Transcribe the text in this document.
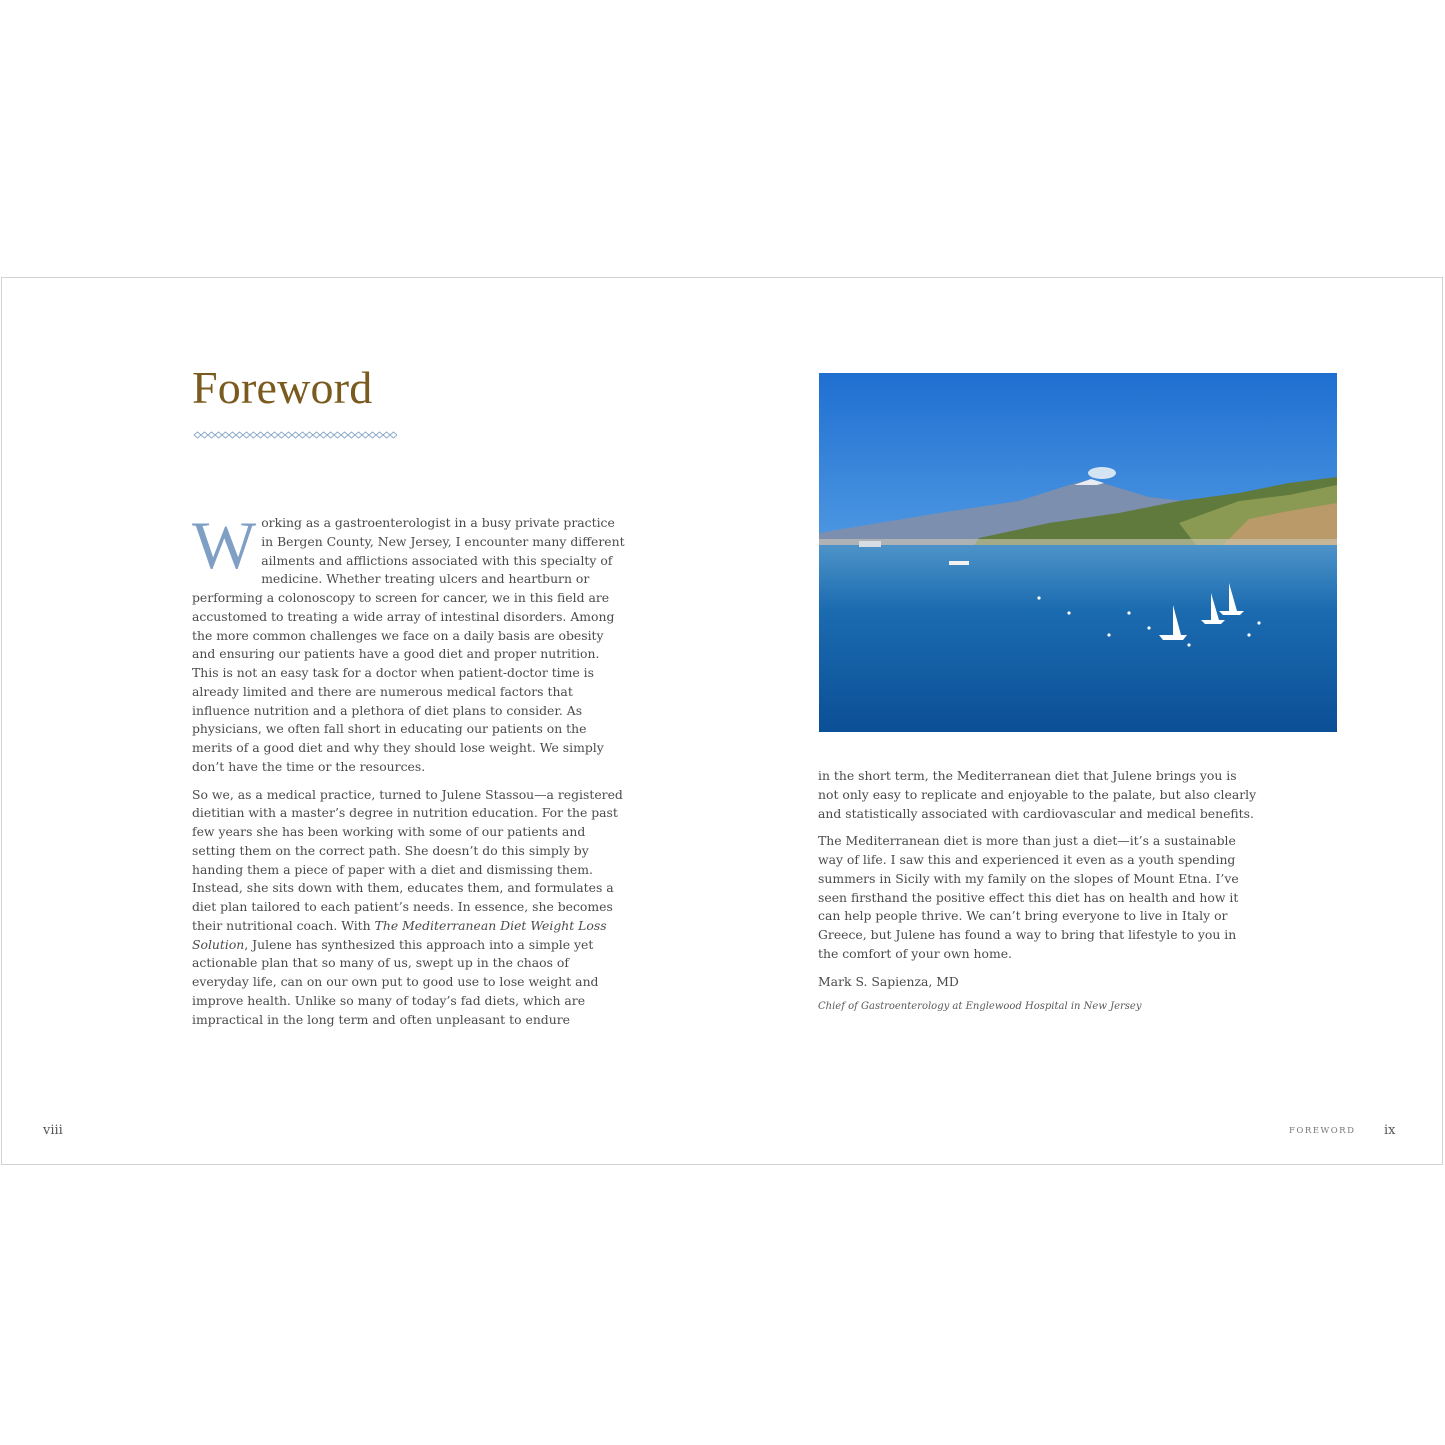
Foreword

Working as a gastroenterologist in a busy private practice in Bergen County, New Jersey, I encounter many different ailments and afflictions associated with this specialty of medicine. Whether treating ulcers and heartburn or performing a colonoscopy to screen for cancer, we in this field are accustomed to treating a wide array of intestinal disorders. Among the more common challenges we face on a daily basis are obesity and ensuring our patients have a good diet and proper nutrition. This is not an easy task for a doctor when patient-doctor time is already limited and there are numerous medical factors that influence nutrition and a plethora of diet plans to consider. As physicians, we often fall short in educating our patients on the merits of a good diet and why they should lose weight. We simply don’t have the time or the resources.

So we, as a medical practice, turned to Julene Stassou—a registered dietitian with a master’s degree in nutrition education. For the past few years she has been working with some of our patients and setting them on the correct path. She doesn’t do this simply by handing them a piece of paper with a diet and dismissing them. Instead, she sits down with them, educates them, and formulates a diet plan tailored to each patient’s needs. In essence, she becomes their nutritional coach. With The Mediterranean Diet Weight Loss Solution, Julene has synthesized this approach into a simple yet actionable plan that so many of us, swept up in the chaos of everyday life, can on our own put to good use to lose weight and improve health. Unlike so many of today’s fad diets, which are impractical in the long term and often unpleasant to endure

in the short term, the Mediterranean diet that Julene brings you is not only easy to replicate and enjoyable to the palate, but also clearly and statistically associated with cardiovascular and medical benefits.

The Mediterranean diet is more than just a diet—it’s a sustainable way of life. I saw this and experienced it even as a youth spending summers in Sicily with my family on the slopes of Mount Etna. I’ve seen firsthand the positive effect this diet has on health and how it can help people thrive. We can’t bring everyone to live in Italy or Greece, but Julene has found a way to bring that lifestyle to you in the comfort of your own home.

Mark S. Sapienza, MD

Chief of Gastroenterology at Englewood Hospital in New Jersey

viii	FOREWORD ix
